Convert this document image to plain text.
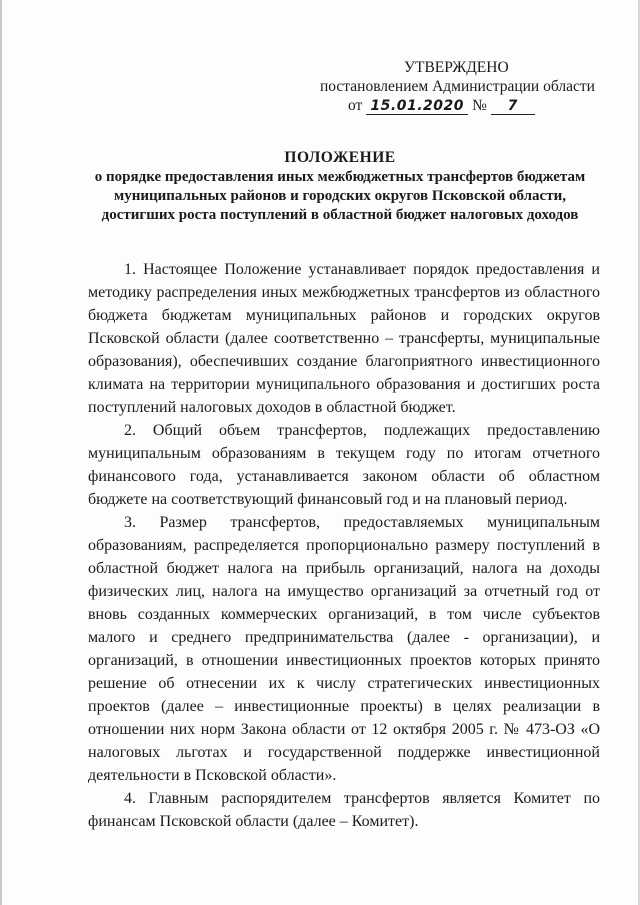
УТВЕРЖДЕНО
постановлением Администрации области
от 15.01.2020 № 7
ПОЛОЖЕНИЕ
о порядке предоставления иных межбюджетных трансфертов бюджетам
муниципальных районов и городских округов Псковской области,
достигших роста поступлений в областной бюджет налоговых доходов

1. Настоящее Положение устанавливает порядок предоставления и методику распределения иных межбюджетных трансфертов из областного бюджета бюджетам муниципальных районов и городских округов Псковской области (далее соответственно – трансферты, муниципальные образования), обеспечивших создание благоприятного инвестиционного климата на территории муниципального образования и достигших роста поступлений налоговых доходов в областной бюджет.

2. Общий объем трансфертов, подлежащих предоставлению муниципальным образованиям в текущем году по итогам отчетного финансового года, устанавливается законом области об областном бюджете на соответствующий финансовый год и на плановый период.

3. Размер трансфертов, предоставляемых муниципальным образованиям, распределяется пропорционально размеру поступлений в областной бюджет налога на прибыль организаций, налога на доходы физических лиц, налога на имущество организаций за отчетный год от вновь созданных коммерческих организаций, в том числе субъектов малого и среднего предпринимательства (далее - организации), и организаций, в отношении инвестиционных проектов которых принято решение об отнесении их к числу стратегических инвестиционных проектов (далее – инвестиционные проекты) в целях реализации в отношении них норм Закона области от 12 октября 2005 г. № 473-ОЗ «О налоговых льготах и государственной поддержке инвестиционной деятельности в Псковской области».

4. Главным распорядителем трансфертов является Комитет по финансам Псковской области (далее – Комитет).
